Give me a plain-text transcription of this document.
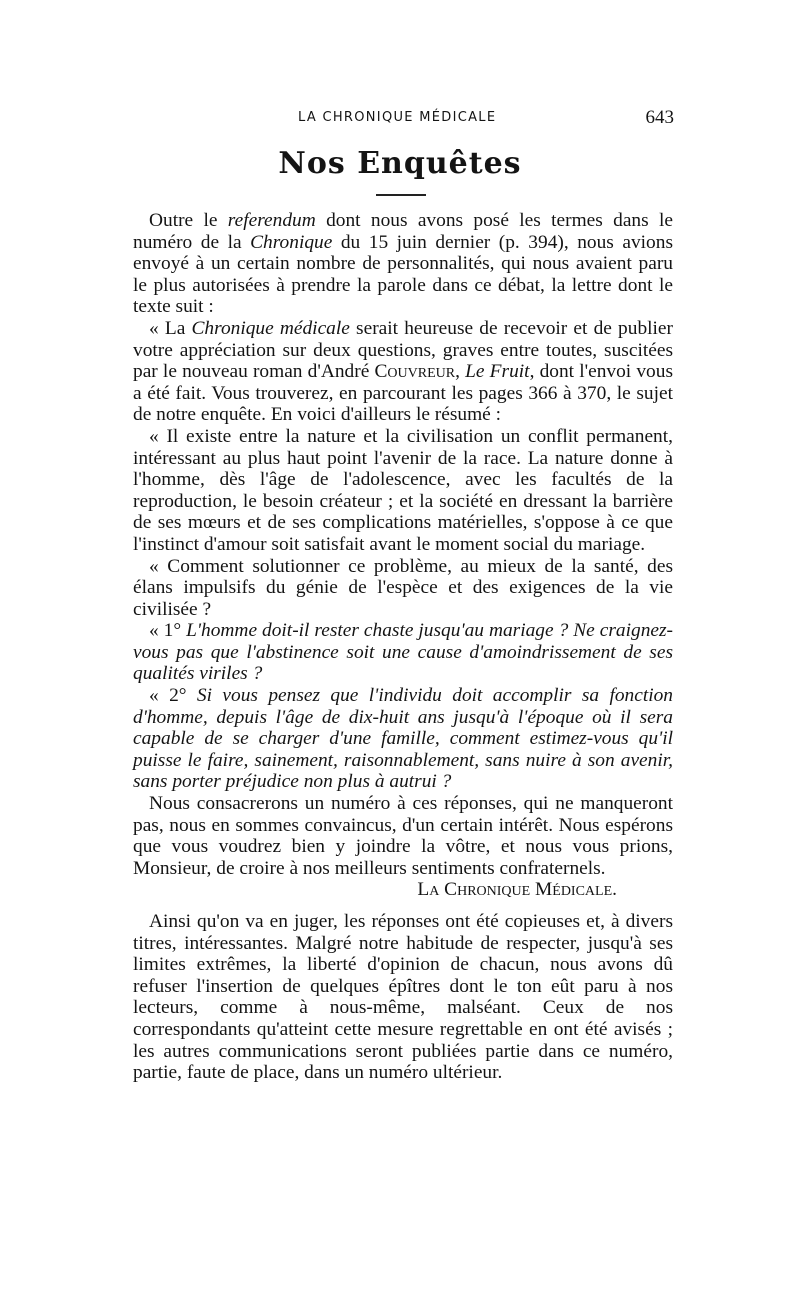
LA CHRONIQUE MÉDICALE	643
Nos Enquêtes

Outre le referendum dont nous avons posé les termes dans le numéro de la Chronique du 15 juin dernier (p. 394), nous avions envoyé à un certain nombre de personnalités, qui nous avaient paru le plus autorisées à prendre la parole dans ce débat, la lettre dont le texte suit :

« La Chronique médicale serait heureuse de recevoir et de publier votre appréciation sur deux questions, graves entre toutes, suscitées par le nouveau roman d'André Couvreur, Le Fruit, dont l'envoi vous a été fait. Vous trouverez, en parcourant les pages 366 à 370, le sujet de notre enquête. En voici d'ailleurs le résumé :

« Il existe entre la nature et la civilisation un conflit permanent, intéressant au plus haut point l'avenir de la race. La nature donne à l'homme, dès l'âge de l'adolescence, avec les facultés de la reproduction, le besoin créateur ; et la société en dressant la barrière de ses mœurs et de ses complications matérielles, s'oppose à ce que l'instinct d'amour soit satisfait avant le moment social du mariage.

« Comment solutionner ce problème, au mieux de la santé, des élans impulsifs du génie de l'espèce et des exigences de la vie civilisée ?

« 1° L'homme doit-il rester chaste jusqu'au mariage ? Ne craignez-vous pas que l'abstinence soit une cause d'amoindrissement de ses qualités viriles ?

« 2° Si vous pensez que l'individu doit accomplir sa fonction d'homme, depuis l'âge de dix-huit ans jusqu'à l'époque où il sera capable de se charger d'une famille, comment estimez-vous qu'il puisse le faire, sainement, raisonnablement, sans nuire à son avenir, sans porter préjudice non plus à autrui ?

Nous consacrerons un numéro à ces réponses, qui ne manqueront pas, nous en sommes convaincus, d'un certain intérêt. Nous espérons que vous voudrez bien y joindre la vôtre, et nous vous prions, Monsieur, de croire à nos meilleurs sentiments confraternels.

La Chronique Médicale.

Ainsi qu'on va en juger, les réponses ont été copieuses et, à divers titres, intéressantes. Malgré notre habitude de respecter, jusqu'à ses limites extrêmes, la liberté d'opinion de chacun, nous avons dû refuser l'insertion de quelques épîtres dont le ton eût paru à nos lecteurs, comme à nous-même, malséant. Ceux de nos correspondants qu'atteint cette mesure regrettable en ont été avisés ; les autres communications seront publiées partie dans ce numéro, partie, faute de place, dans un numéro ultérieur.
